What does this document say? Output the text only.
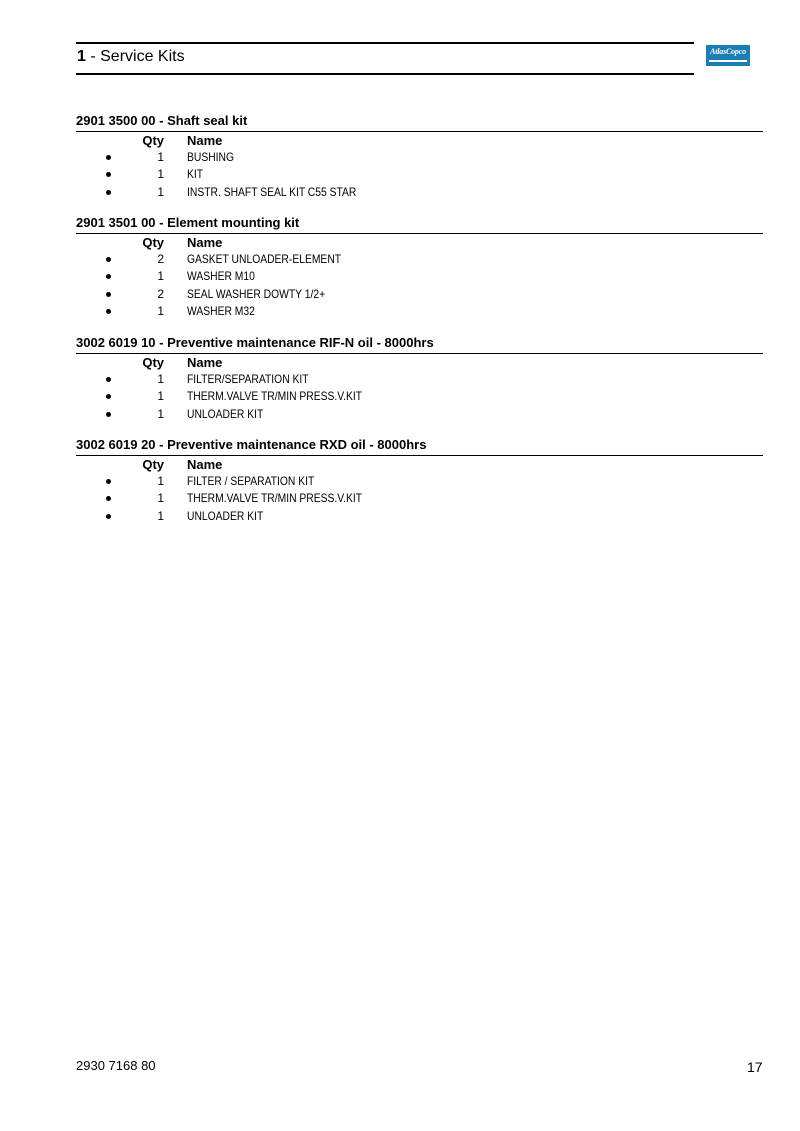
1 - Service Kits	AtlasCopco
2901 3500 00 - Shaft seal kit
Qty Name
1 BUSHING
1 KIT
1 INSTR. SHAFT SEAL KIT C55 STAR
2901 3501 00 - Element mounting kit
Qty Name
2 GASKET UNLOADER-ELEMENT
1 WASHER M10
2 SEAL WASHER DOWTY 1/2+
1 WASHER M32
3002 6019 10 - Preventive maintenance RIF-N oil - 8000hrs
Qty Name
1 FILTER/SEPARATION KIT
1 THERM.VALVE TR/MIN PRESS.V.KIT
1 UNLOADER KIT
3002 6019 20 - Preventive maintenance RXD oil - 8000hrs
Qty Name
1 FILTER / SEPARATION KIT
1 THERM.VALVE TR/MIN PRESS.V.KIT
1 UNLOADER KIT
2930 7168 80	17
